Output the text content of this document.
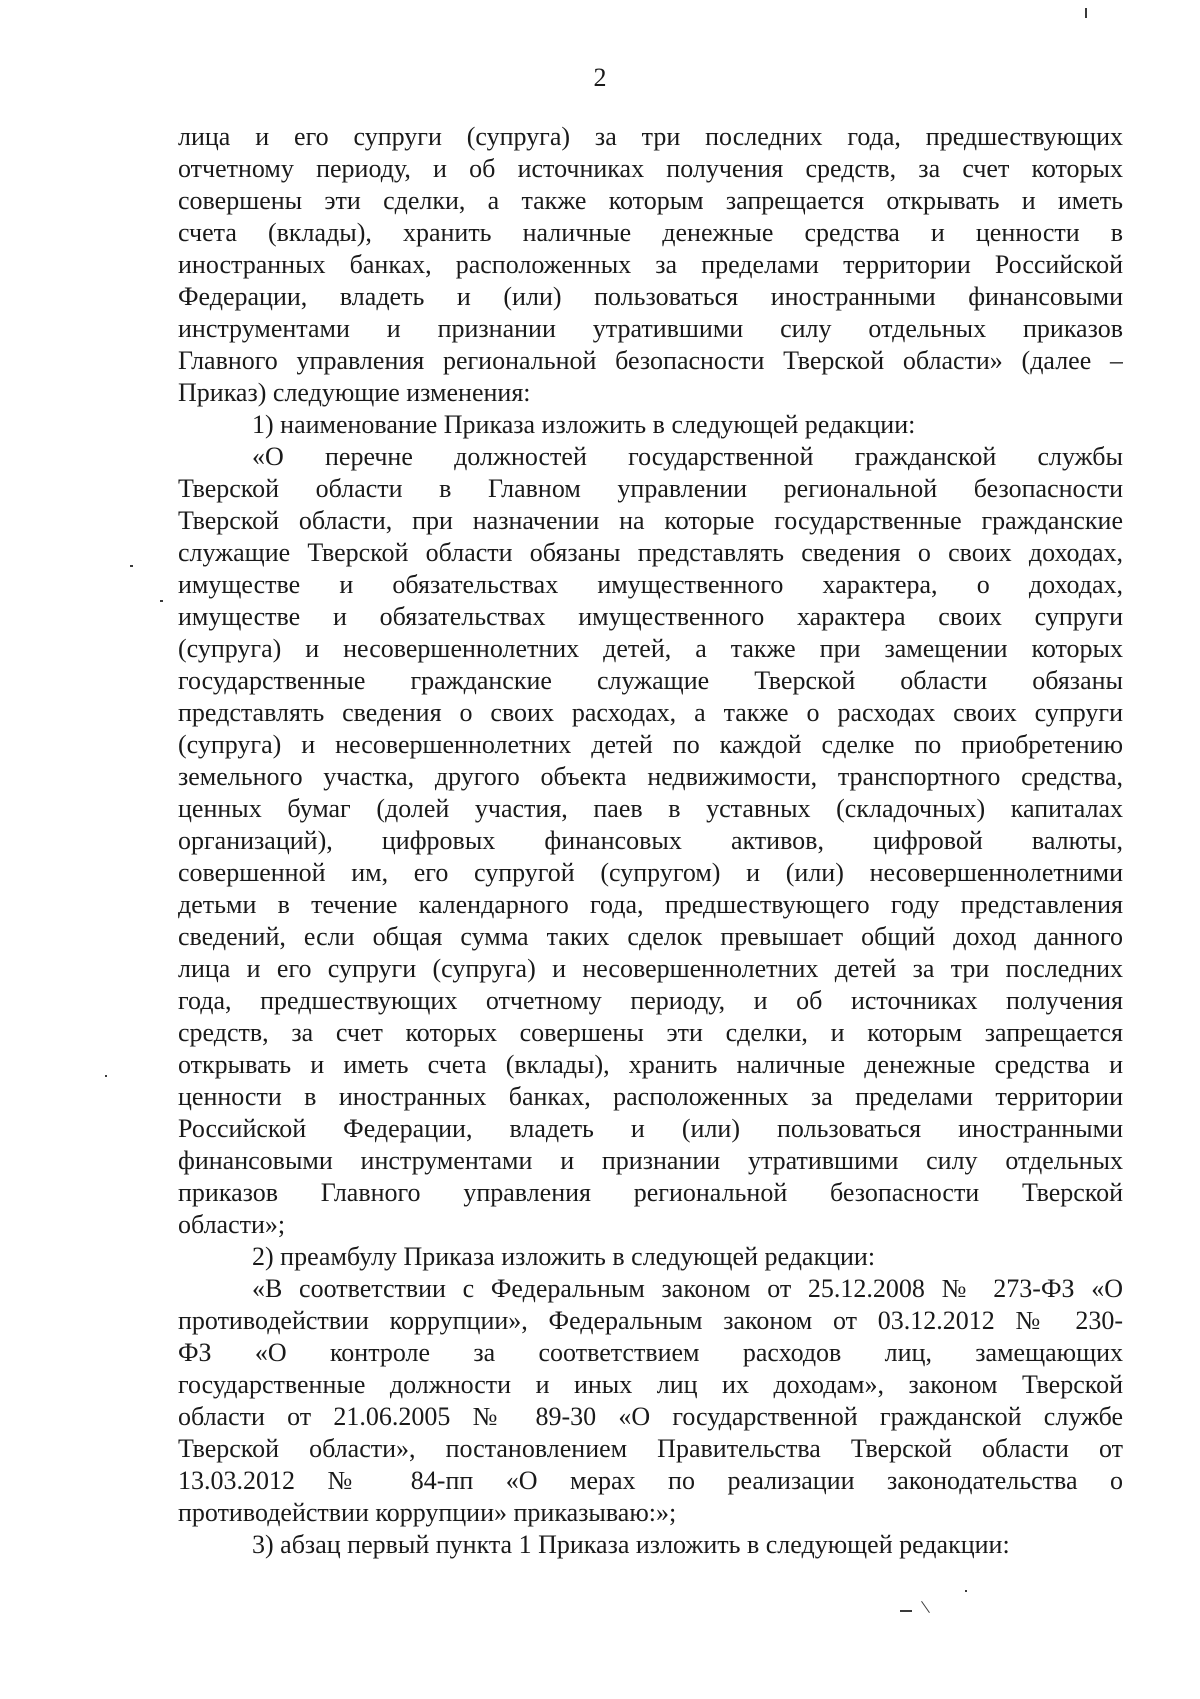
2
лица и его супруги (супруга) за три последних года, предшествующих
отчетному периоду, и об источниках получения средств, за счет которых
совершены эти сделки, а также которым запрещается открывать и иметь
счета (вклады), хранить наличные денежные средства и ценности в
иностранных банках, расположенных за пределами территории Российской
Федерации, владеть и (или) пользоваться иностранными финансовыми
инструментами и признании утратившими силу отдельных приказов
Главного управления региональной безопасности Тверской области» (далее –
Приказ) следующие изменения:
1) наименование Приказа изложить в следующей редакции:
«О перечне должностей государственной гражданской службы
Тверской области в Главном управлении региональной безопасности
Тверской области, при назначении на которые государственные гражданские
служащие Тверской области обязаны представлять сведения о своих доходах,
имуществе и обязательствах имущественного характера, о доходах,
имуществе и обязательствах имущественного характера своих супруги
(супруга) и несовершеннолетних детей, а также при замещении которых
государственные гражданские служащие Тверской области обязаны
представлять сведения о своих расходах, а также о расходах своих супруги
(супруга) и несовершеннолетних детей по каждой сделке по приобретению
земельного участка, другого объекта недвижимости, транспортного средства,
ценных бумаг (долей участия, паев в уставных (складочных) капиталах
организаций), цифровых финансовых активов, цифровой валюты,
совершенной им, его супругой (супругом) и (или) несовершеннолетними
детьми в течение календарного года, предшествующего году представления
сведений, если общая сумма таких сделок превышает общий доход данного
лица и его супруги (супруга) и несовершеннолетних детей за три последних
года, предшествующих отчетному периоду, и об источниках получения
средств, за счет которых совершены эти сделки, и которым запрещается
открывать и иметь счета (вклады), хранить наличные денежные средства и
ценности в иностранных банках, расположенных за пределами территории
Российской Федерации, владеть и (или) пользоваться иностранными
финансовыми инструментами и признании утратившими силу отдельных
приказов Главного управления региональной безопасности Тверской
области»;
2) преамбулу Приказа изложить в следующей редакции:
«В соответствии с Федеральным законом от 25.12.2008 № 273-ФЗ «О
противодействии коррупции», Федеральным законом от 03.12.2012 № 230-
ФЗ «О контроле за соответствием расходов лиц, замещающих
государственные должности и иных лиц их доходам», законом Тверской
области от 21.06.2005 № 89-30 «О государственной гражданской службе
Тверской области», постановлением Правительства Тверской области от
13.03.2012 № 84-пп «О мерах по реализации законодательства о
противодействии коррупции» приказываю:»;
3) абзац первый пункта 1 Приказа изложить в следующей редакции:
